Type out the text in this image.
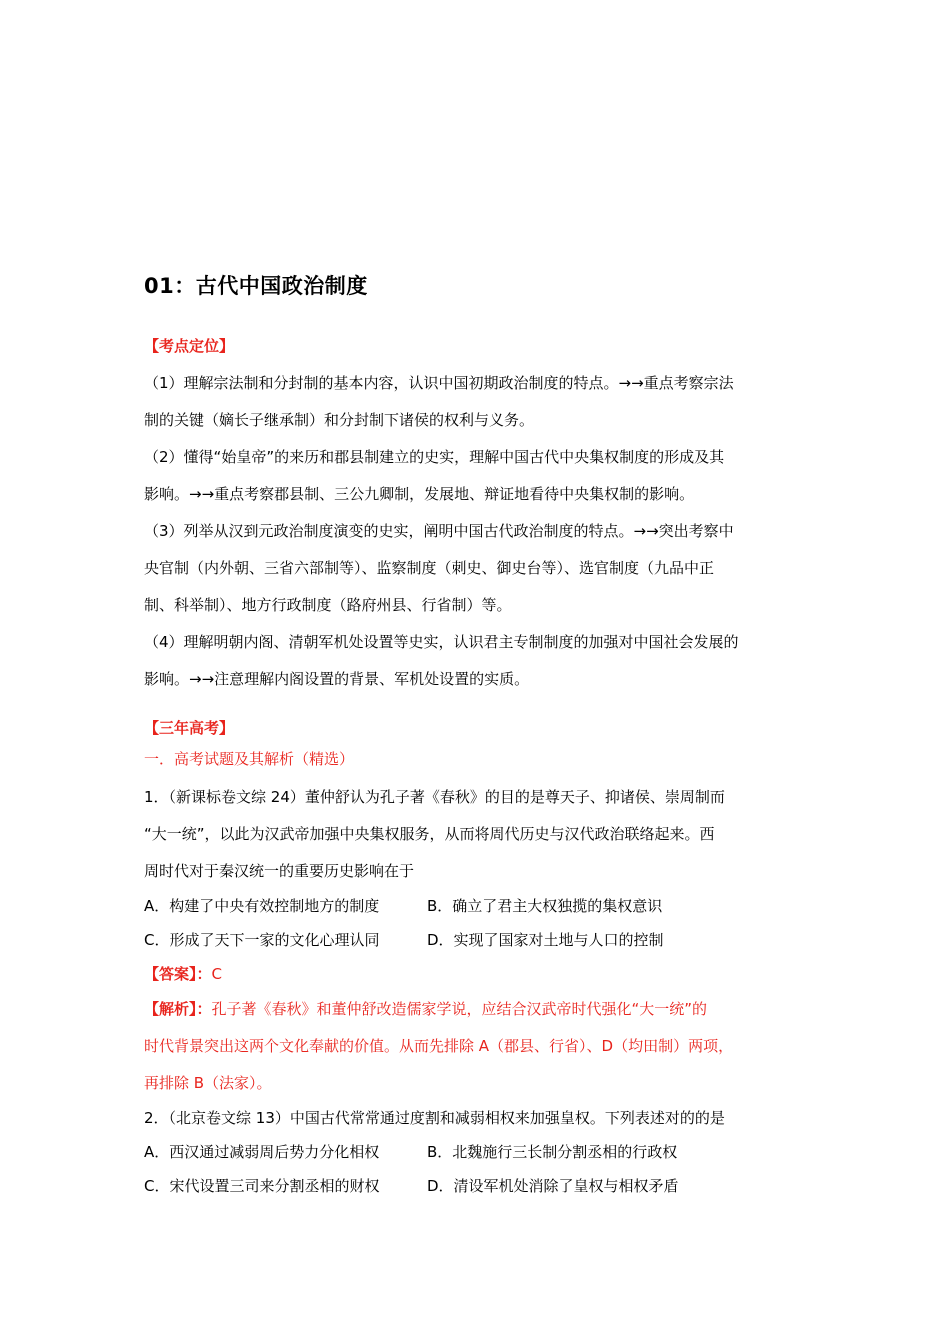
01：古代中国政治制度
【考点定位】
（1）理解宗法制和分封制的基本内容，认识中国初期政治制度的特点。→→重点考察宗法
制的关键（嫡长子继承制）和分封制下诸侯的权利与义务。
（2）懂得“始皇帝”的来历和郡县制建立的史实，理解中国古代中央集权制度的形成及其
影响。→→重点考察郡县制、三公九卿制，发展地、辩证地看待中央集权制的影响。
（3）列举从汉到元政治制度演变的史实，阐明中国古代政治制度的特点。→→突出考察中
央官制（内外朝、三省六部制等）、监察制度（刺史、御史台等）、选官制度（九品中正
制、科举制）、地方行政制度（路府州县、行省制）等。
（4）理解明朝内阁、清朝军机处设置等史实，认识君主专制制度的加强对中国社会发展的
影响。→→注意理解内阁设置的背景、军机处设置的实质。
【三年高考】
一．高考试题及其解析（精选）
1．（新课标卷文综 24）董仲舒认为孔子著《春秋》的目的是尊天子、抑诸侯、崇周制而
“大一统”，以此为汉武帝加强中央集权服务，从而将周代历史与汉代政治联络起来。西
周时代对于秦汉统一的重要历史影响在于
A．构建了中央有效控制地方的制度	B．确立了君主大权独揽的集权意识
C．形成了天下一家的文化心理认同	D．实现了国家对土地与人口的控制
【答案】：C
【解析】：孔子著《春秋》和董仲舒改造儒家学说，应结合汉武帝时代强化“大一统”的
时代背景突出这两个文化奉献的价值。从而先排除 A（郡县、行省）、D（均田制）两项，
再排除 B（法家）。
2．（北京卷文综 13）中国古代常常通过度割和减弱相权来加强皇权。下列表述对的的是
A．西汉通过减弱周后势力分化相权	B．北魏施行三长制分割丞相的行政权
C．宋代设置三司来分割丞相的财权	D．清设军机处消除了皇权与相权矛盾
